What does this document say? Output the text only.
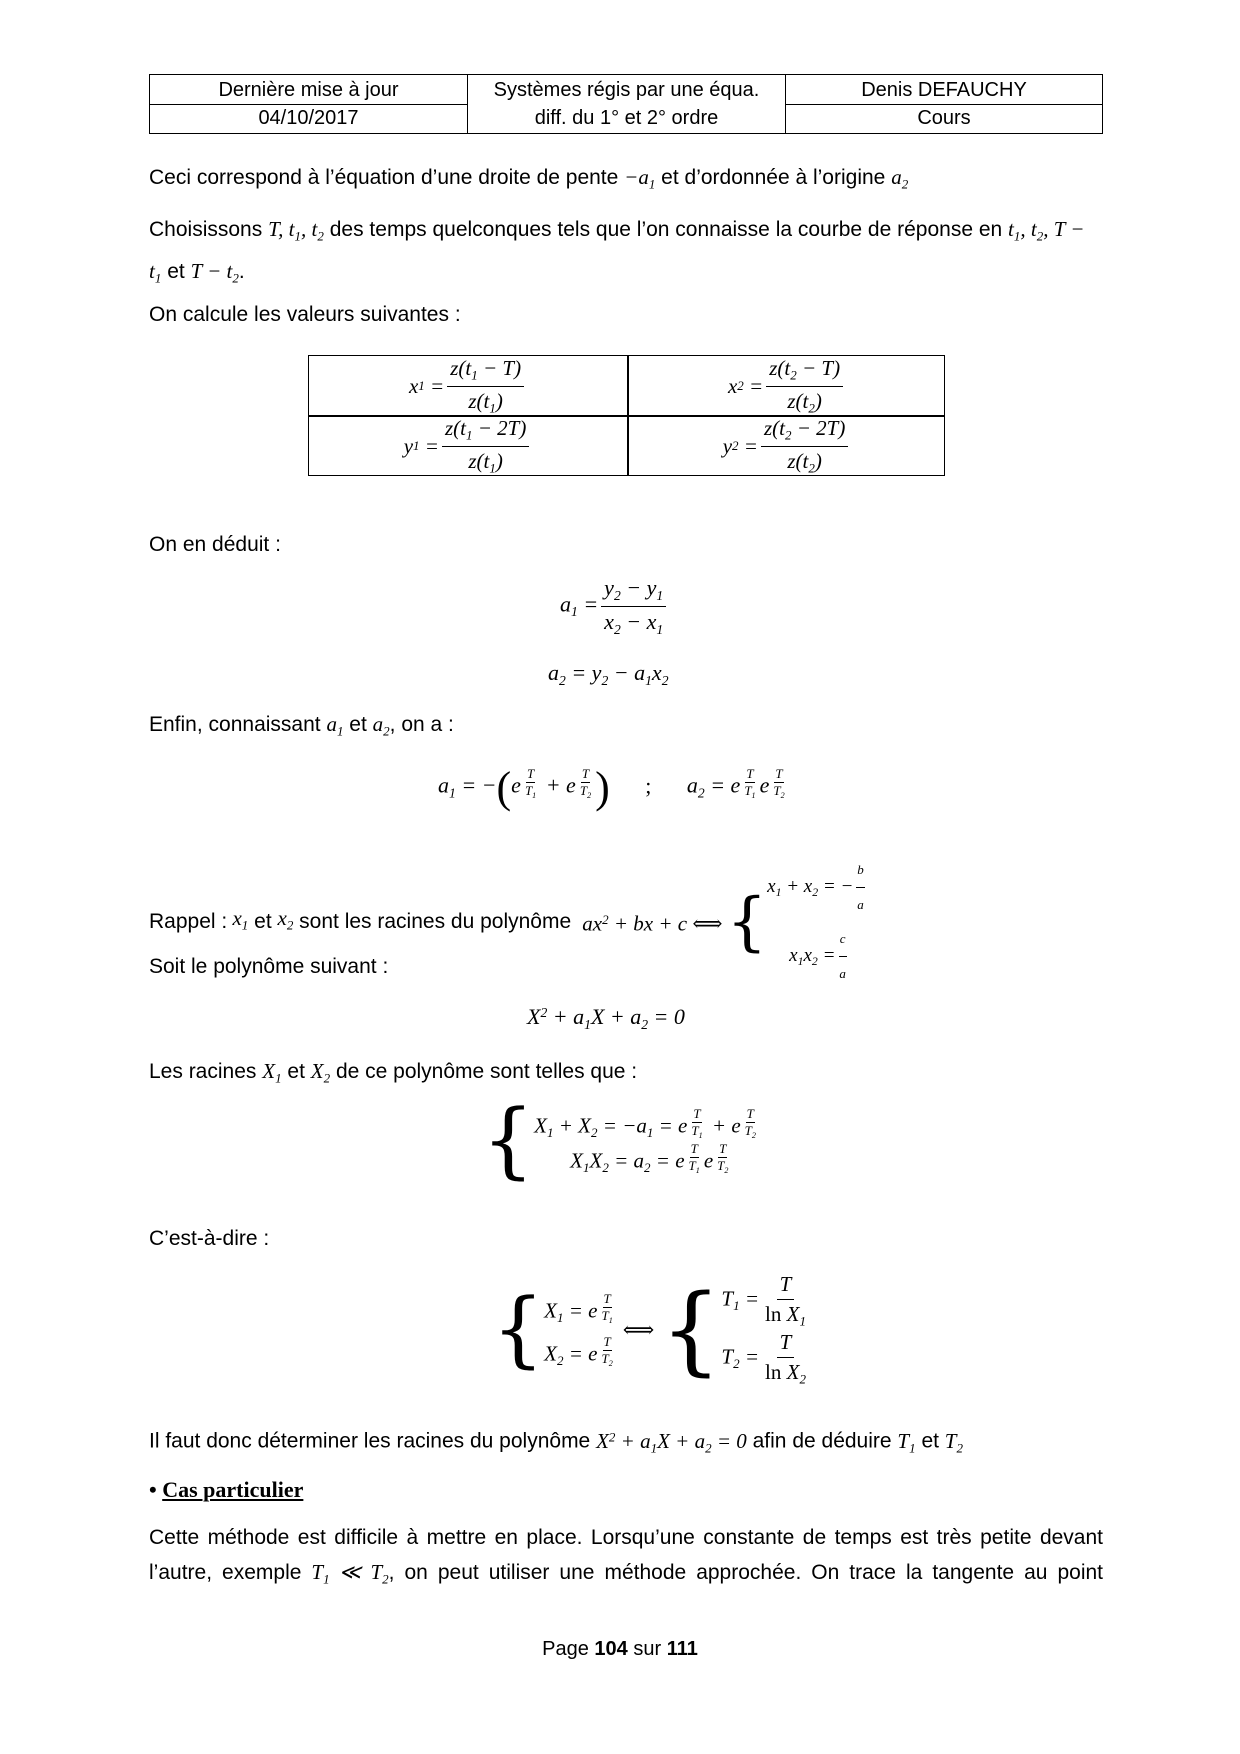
Dernière mise à jour
04/10/2017
Systèmes régis par une équa.
diff. du 1° et 2° ordre
Denis DEFAUCHY
Cours
Ceci correspond à l’équation d’une droite de pente $-a_1$ et d’ordonnée à l’origine $a_2$
Choisissons T, $t_1$, $t_2$ des temps quelconques tels que l’on connaisse la courbe de réponse en $t_1$, $t_2$, T −
$t_1$ et $T - t_2$.
On calcule les valeurs suivantes :
x $1 = \frac{z(t_1 - T)}{z(t_1)}$	x $2 = \frac{z(t_2 - T)}{z(t_2)}$
y $1 = \frac{z(t_1 - 2T)}{z(t_1)}$	y $2 = \frac{z(t_2 - 2T)}{z(t_2)}$
On en déduit :
$a_1 = \frac{y_2 - y_1}{x_2 - x_1}$
$a_2 = y_2 - a_1x_2$
Enfin, connaissant $a_1$ et $a_2$, on a :
$a_1 = -(e$ $^{\frac{T}{T_1}}$ + e $^{\frac{T}{T_2}}$ ) ; $a_2 = e$ $^{\frac{T}{T_1}}$ e $^{\frac{T}{T_2}}$
Rappel : $x_1$ et $x_2$ sont les racines du polynôme $ax^2$ + bx + c ⟺ { $x_1 + x_2$ = − $\frac{b}{a}$
$x_1x_2 = \frac{c}{a}$
Soit le polynôme suivant :
$X^2 + a_1X + a_2 = 0$
Les racines $X_1$ et $X_2$ de ce polynôme sont telles que :
{ $X_1 + X_2 = -a_1 = e$ $^{\frac{T}{T_1}}$ + e $^{\frac{T}{T_2}}$
$X_1X_2 = a_2 = e$ $^{\frac{T}{T_1}}$ e $^{\frac{T}{T_2}}$
C’est-à-dire :
{ $X_1 = e$ $^{\frac{T}{T_1}}$
$X_2 = e$ $^{\frac{T}{T_2}}$
⟺ { $T_1 = \frac{T}{\ln X_1}$
$T_2 = \frac{T}{\ln X_2}$
Il faut donc déterminer les racines du polynôme $X^2 + a_1X + a_2 = 0$ afin de déduire $T_1$ et $T_2$
• Cas particulier
Cette méthode est difficile à mettre en place. Lorsqu’une constante de temps est très petite devant
l’autre, exemple $T_1$ ≪ $T_2$, on peut utiliser une méthode approchée. On trace la tangente au point
Page 104 sur 111
